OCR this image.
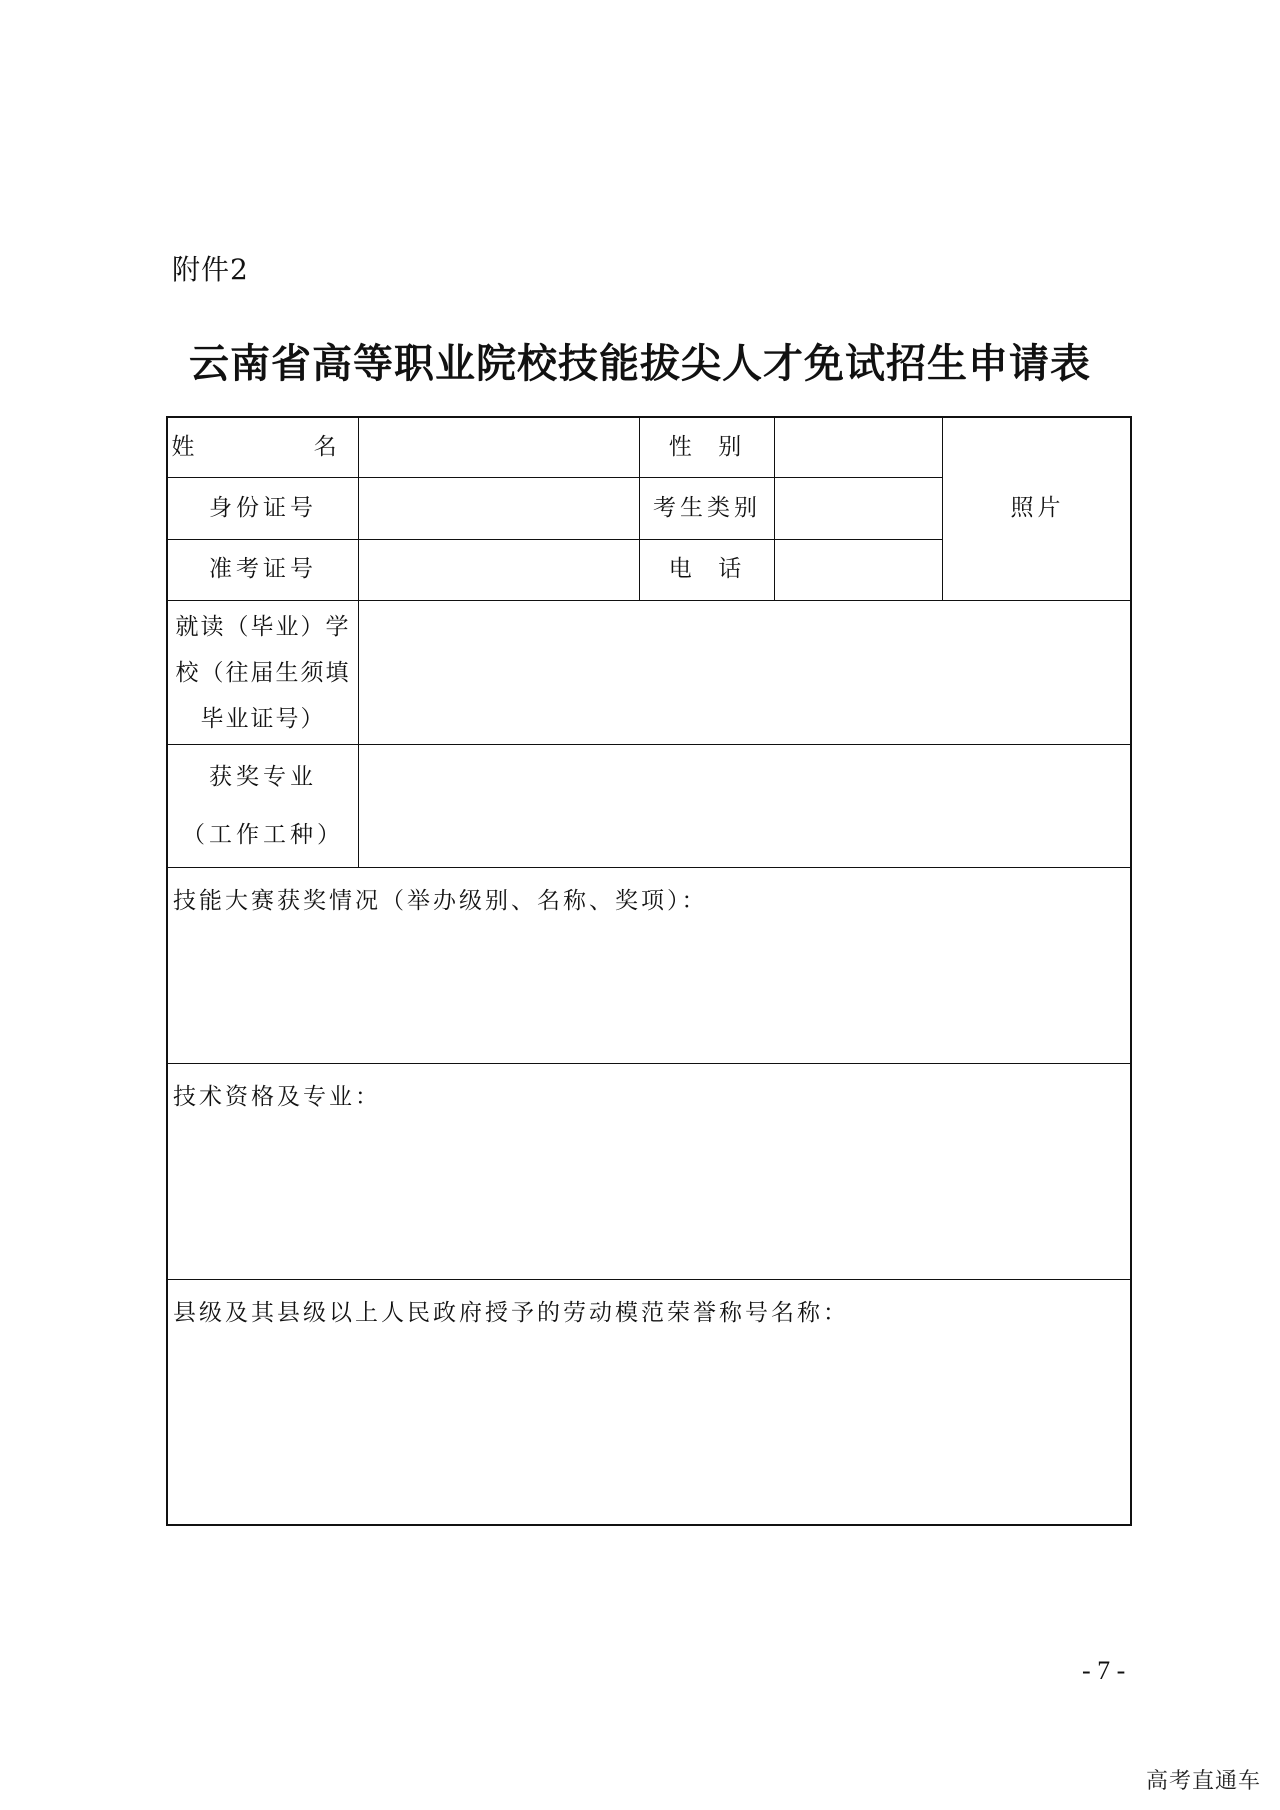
附件2
云南省高等职业院校技能拔尖人才免试招生申请表
姓    名	性  别
照片
身份证号	考生类别
准考证号	电  话
就读（毕业）学
校（往届生须填
毕业证号）
获奖专业
（工作工种）
技能大赛获奖情况（举办级别、名称、奖项）：
技术资格及专业：
县级及其县级以上人民政府授予的劳动模范荣誉称号名称：
- 7 -
高考直通车
